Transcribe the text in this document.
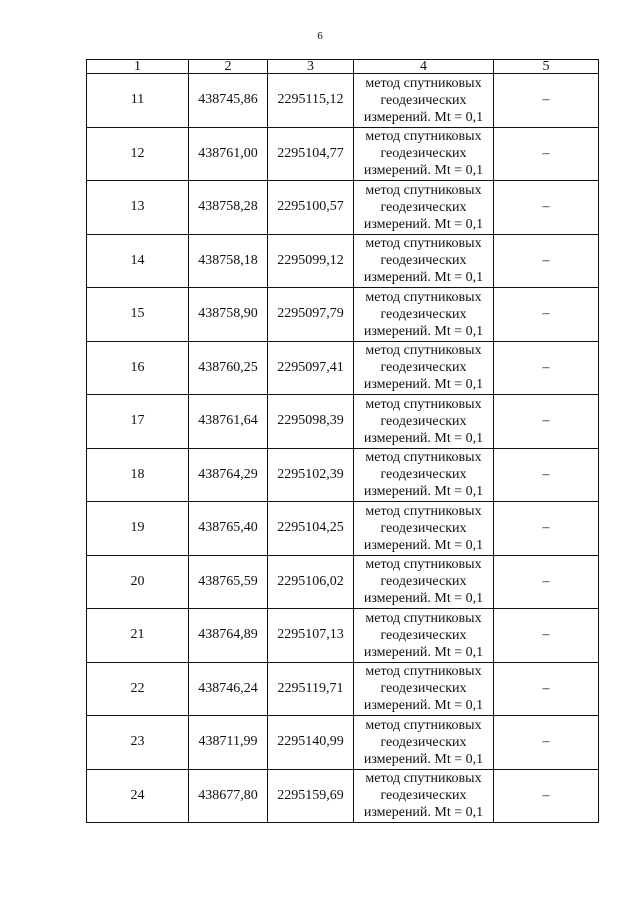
6
1	2	3	4	5
11	438745,86	2295115,12	метод спутниковых
геодезических
измерений. Mt = 0,1	–
12	438761,00	2295104,77	метод спутниковых
геодезических
измерений. Mt = 0,1	–
13	438758,28	2295100,57	метод спутниковых
геодезических
измерений. Mt = 0,1	–
14	438758,18	2295099,12	метод спутниковых
геодезических
измерений. Mt = 0,1	–
15	438758,90	2295097,79	метод спутниковых
геодезических
измерений. Mt = 0,1	–
16	438760,25	2295097,41	метод спутниковых
геодезических
измерений. Mt = 0,1	–
17	438761,64	2295098,39	метод спутниковых
геодезических
измерений. Mt = 0,1	–
18	438764,29	2295102,39	метод спутниковых
геодезических
измерений. Mt = 0,1	–
19	438765,40	2295104,25	метод спутниковых
геодезических
измерений. Mt = 0,1	–
20	438765,59	2295106,02	метод спутниковых
геодезических
измерений. Mt = 0,1	–
21	438764,89	2295107,13	метод спутниковых
геодезических
измерений. Mt = 0,1	–
22	438746,24	2295119,71	метод спутниковых
геодезических
измерений. Mt = 0,1	–
23	438711,99	2295140,99	метод спутниковых
геодезических
измерений. Mt = 0,1	–
24	438677,80	2295159,69	метод спутниковых
геодезических
измерений. Mt = 0,1	–
